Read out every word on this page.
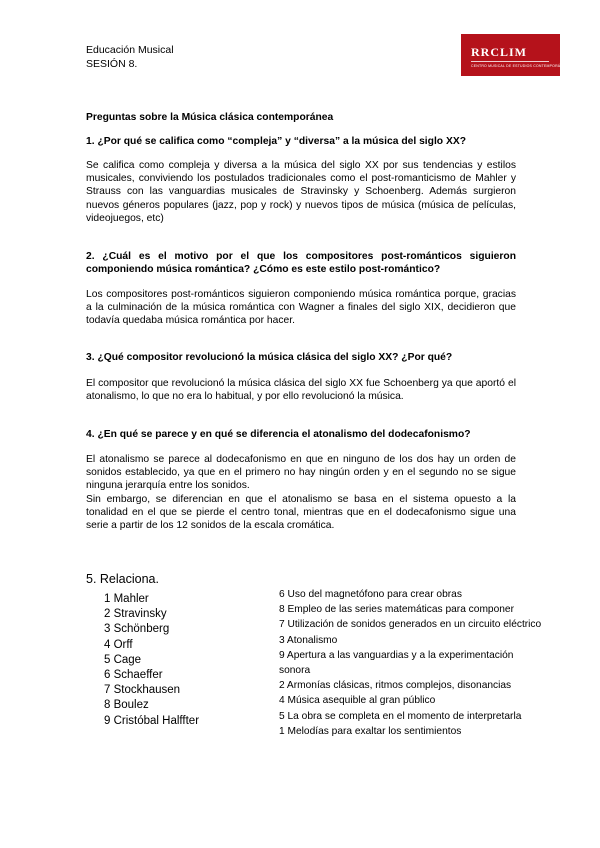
Educación Musical
SESIÓN 8.
RRCLIM
CENTRO MUSICAL DE ESTUDIOS CONTEMPORÁNEOS
Preguntas sobre la Música clásica contemporánea
1. ¿Por qué se califica como “compleja” y “diversa” a la música del siglo XX?
Se califica como compleja y diversa a la música del siglo XX por sus tendencias y estilos musicales, conviviendo los postulados tradicionales como el post-romanticismo de Mahler y Strauss con las vanguardias musicales de Stravinsky y Schoenberg. Además surgieron nuevos géneros populares (jazz, pop y rock) y nuevos tipos de música (música de películas, videojuegos, etc)
2. ¿Cuál es el motivo por el que los compositores post-románticos siguieron componiendo música romántica? ¿Cómo es este estilo post-romántico?
Los compositores post-románticos siguieron componiendo música romántica porque, gracias a la culminación de la música romántica con Wagner a finales del siglo XIX, decidieron que todavía quedaba música romántica por hacer.
3. ¿Qué compositor revolucionó la música clásica del siglo XX? ¿Por qué?
El compositor que revolucionó la música clásica del siglo XX fue Schoenberg ya que aportó el atonalismo, lo que no era lo habitual, y por ello revolucionó la música.
4. ¿En qué se parece y en qué se diferencia el atonalismo del dodecafonismo?
El atonalismo se parece al dodecafonismo en que en ninguno de los dos hay un orden de sonidos establecido, ya que en el primero no hay ningún orden y en el segundo no se sigue ninguna jerarquía entre los sonidos.
Sin embargo, se diferencian en que el atonalismo se basa en el sistema opuesto a la tonalidad en el que se pierde el centro tonal, mientras que en el dodecafonismo sigue una serie a partir de los 12 sonidos de la escala cromática.
5. Relaciona.
1 Mahler
2 Stravinsky
3 Schönberg
4 Orff
5 Cage
6 Schaeffer
7 Stockhausen
8 Boulez
9 Cristóbal Halffter
6 Uso del magnetófono para crear obras
8 Empleo de las series matemáticas para componer
7 Utilización de sonidos generados en un circuito eléctrico
3 Atonalismo
9 Apertura a las vanguardias y a la experimentación
sonora
2 Armonías clásicas, ritmos complejos, disonancias
4 Música asequible al gran público
5 La obra se completa en el momento de interpretarla
1 Melodías para exaltar los sentimientos
